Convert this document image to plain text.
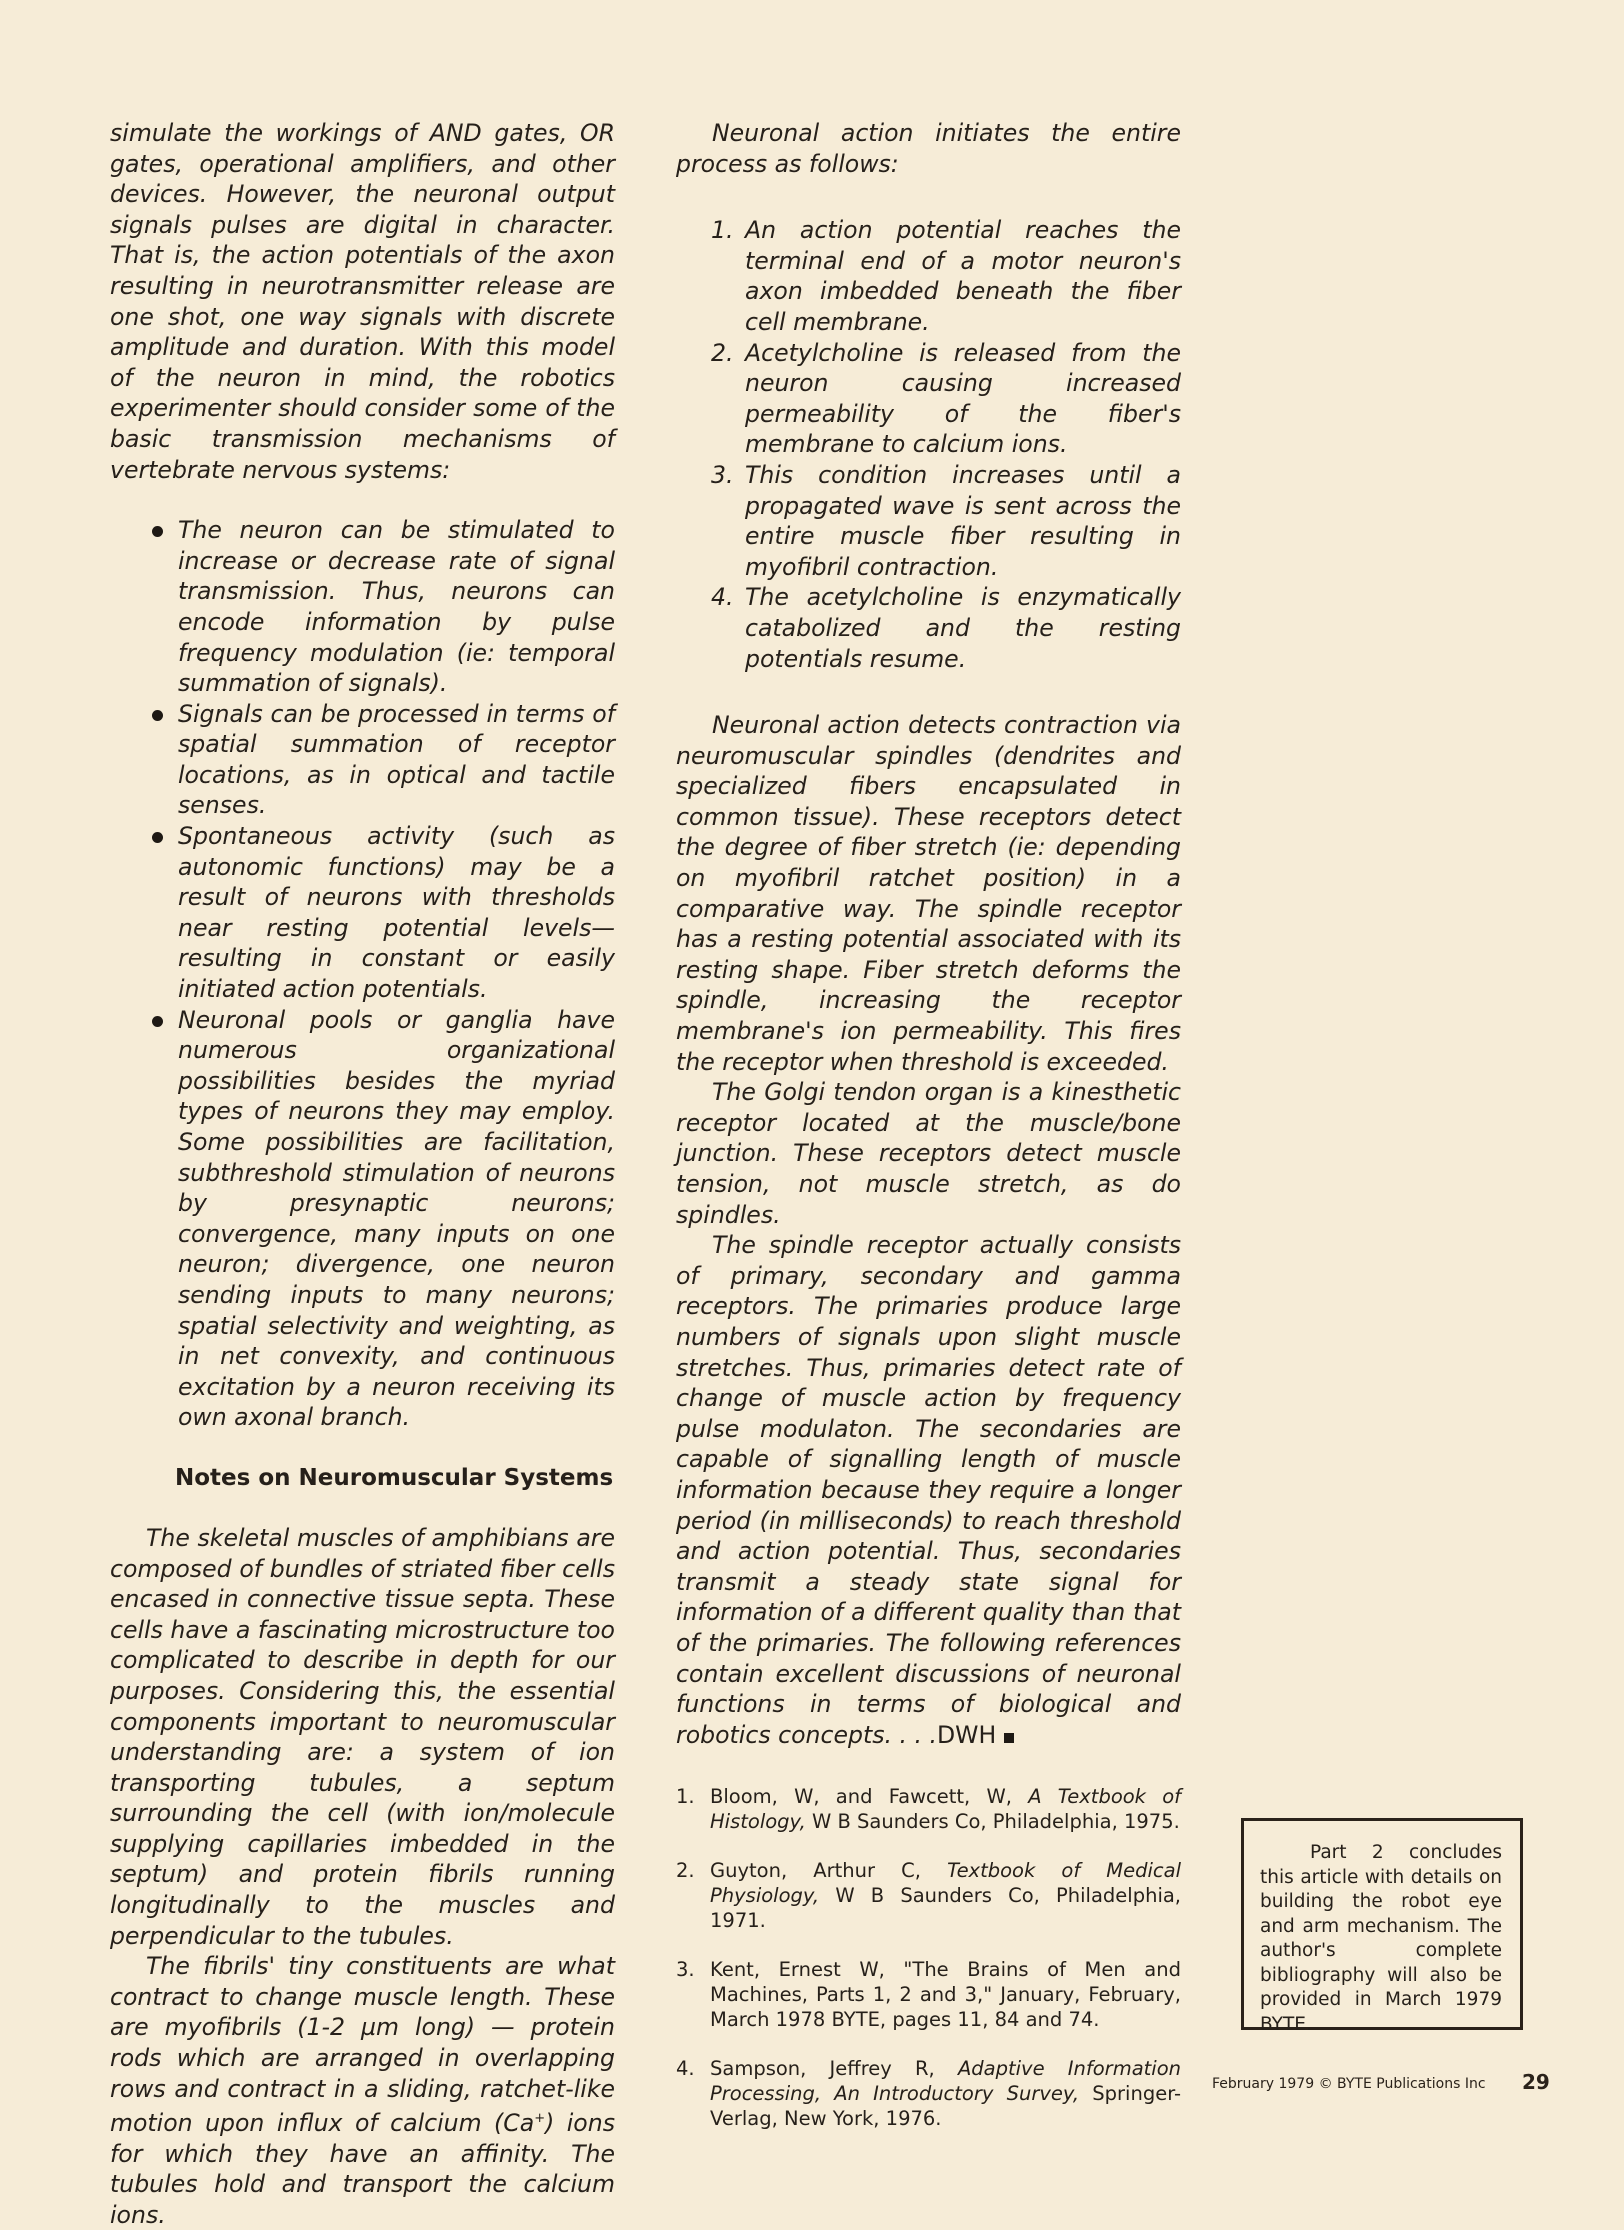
simulate the workings of AND gates, OR gates, operational amplifiers, and other devices. However, the neuronal output signals pulses are digital in character. That is, the action potentials of the axon resulting in neurotransmitter release are one shot, one way signals with discrete amplitude and duration. With this model of the neuron in mind, the robotics experimenter should consider some of the basic transmission mechanisms of vertebrate nervous systems:

The neuron can be stimulated to increase or decrease rate of signal transmission. Thus, neurons can encode information by pulse frequency modulation (ie: temporal summation of signals).
Signals can be processed in terms of spatial summation of receptor locations, as in optical and tactile senses.
Spontaneous activity (such as autonomic functions) may be a result of neurons with thresholds near resting potential levels—resulting in constant or easily initiated action potentials.
Neuronal pools or ganglia have numerous organizational possibilities besides the myriad types of neurons they may employ. Some possibilities are facilitation, subthreshold stimulation of neurons by presynaptic neurons; convergence, many inputs on one neuron; divergence, one neuron sending inputs to many neurons; spatial selectivity and weighting, as in net convexity, and continuous excitation by a neuron receiving its own axonal branch.
Notes on Neuromuscular Systems

The skeletal muscles of amphibians are composed of bundles of striated fiber cells encased in connective tissue septa. These cells have a fascinating microstructure too complicated to describe in depth for our purposes. Considering this, the essential components important to neuromuscular understanding are: a system of ion transporting tubules, a septum surrounding the cell (with ion/molecule supplying capillaries imbedded in the septum) and protein fibrils running longitudinally to the muscles and perpendicular to the tubules.

The fibrils' tiny constituents are what contract to change muscle length. These are myofibrils (1-2 µm long) — protein rods which are arranged in overlapping rows and contract in a sliding, ratchet-like motion upon influx of calcium (Ca+) ions for which they have an affinity. The tubules hold and transport the calcium ions.

Neuronal action initiates the entire process as follows:

1. An action potential reaches the terminal end of a motor neuron's axon imbedded beneath the fiber cell membrane.
2. Acetylcholine is released from the neuron causing increased permeability of the fiber's membrane to calcium ions.
3. This condition increases until a propagated wave is sent across the entire muscle fiber resulting in myofibril contraction.
4. The acetylcholine is enzymatically catabolized and the resting potentials resume.

Neuronal action detects contraction via neuromuscular spindles (dendrites and specialized fibers encapsulated in common tissue). These receptors detect the degree of fiber stretch (ie: depending on myofibril ratchet position) in a comparative way. The spindle receptor has a resting potential associated with its resting shape. Fiber stretch deforms the spindle, increasing the receptor membrane's ion permeability. This fires the receptor when threshold is exceeded.

The Golgi tendon organ is a kinesthetic receptor located at the muscle/bone junction. These receptors detect muscle tension, not muscle stretch, as do spindles.

The spindle receptor actually consists of primary, secondary and gamma receptors. The primaries produce large numbers of signals upon slight muscle stretches. Thus, primaries detect rate of change of muscle action by frequency pulse modulaton. The secondaries are capable of signalling length of muscle information because they require a longer period (in milliseconds) to reach threshold and action potential. Thus, secondaries transmit a steady state signal for information of a different quality than that of the primaries. The following references contain excellent discussions of neuronal functions in terms of biological and robotics concepts. . . .DWH

1. Bloom, W, and Fawcett, W, A Textbook of Histology, W B Saunders Co, Philadelphia, 1975.
2. Guyton, Arthur C, Textbook of Medical Physiology, W B Saunders Co, Philadelphia, 1971.
3. Kent, Ernest W, "The Brains of Men and Machines, Parts 1, 2 and 3," January, February, March 1978 BYTE, pages 11, 84 and 74.
4. Sampson, Jeffrey R, Adaptive Information Processing, An Introductory Survey, Springer-Verlag, New York, 1976.
Part 2 concludes this article with details on building the robot eye and arm mechanism. The author's complete bibliography will also be provided in March 1979 BYTE.
February 1979 © BYTE Publications Inc 29
